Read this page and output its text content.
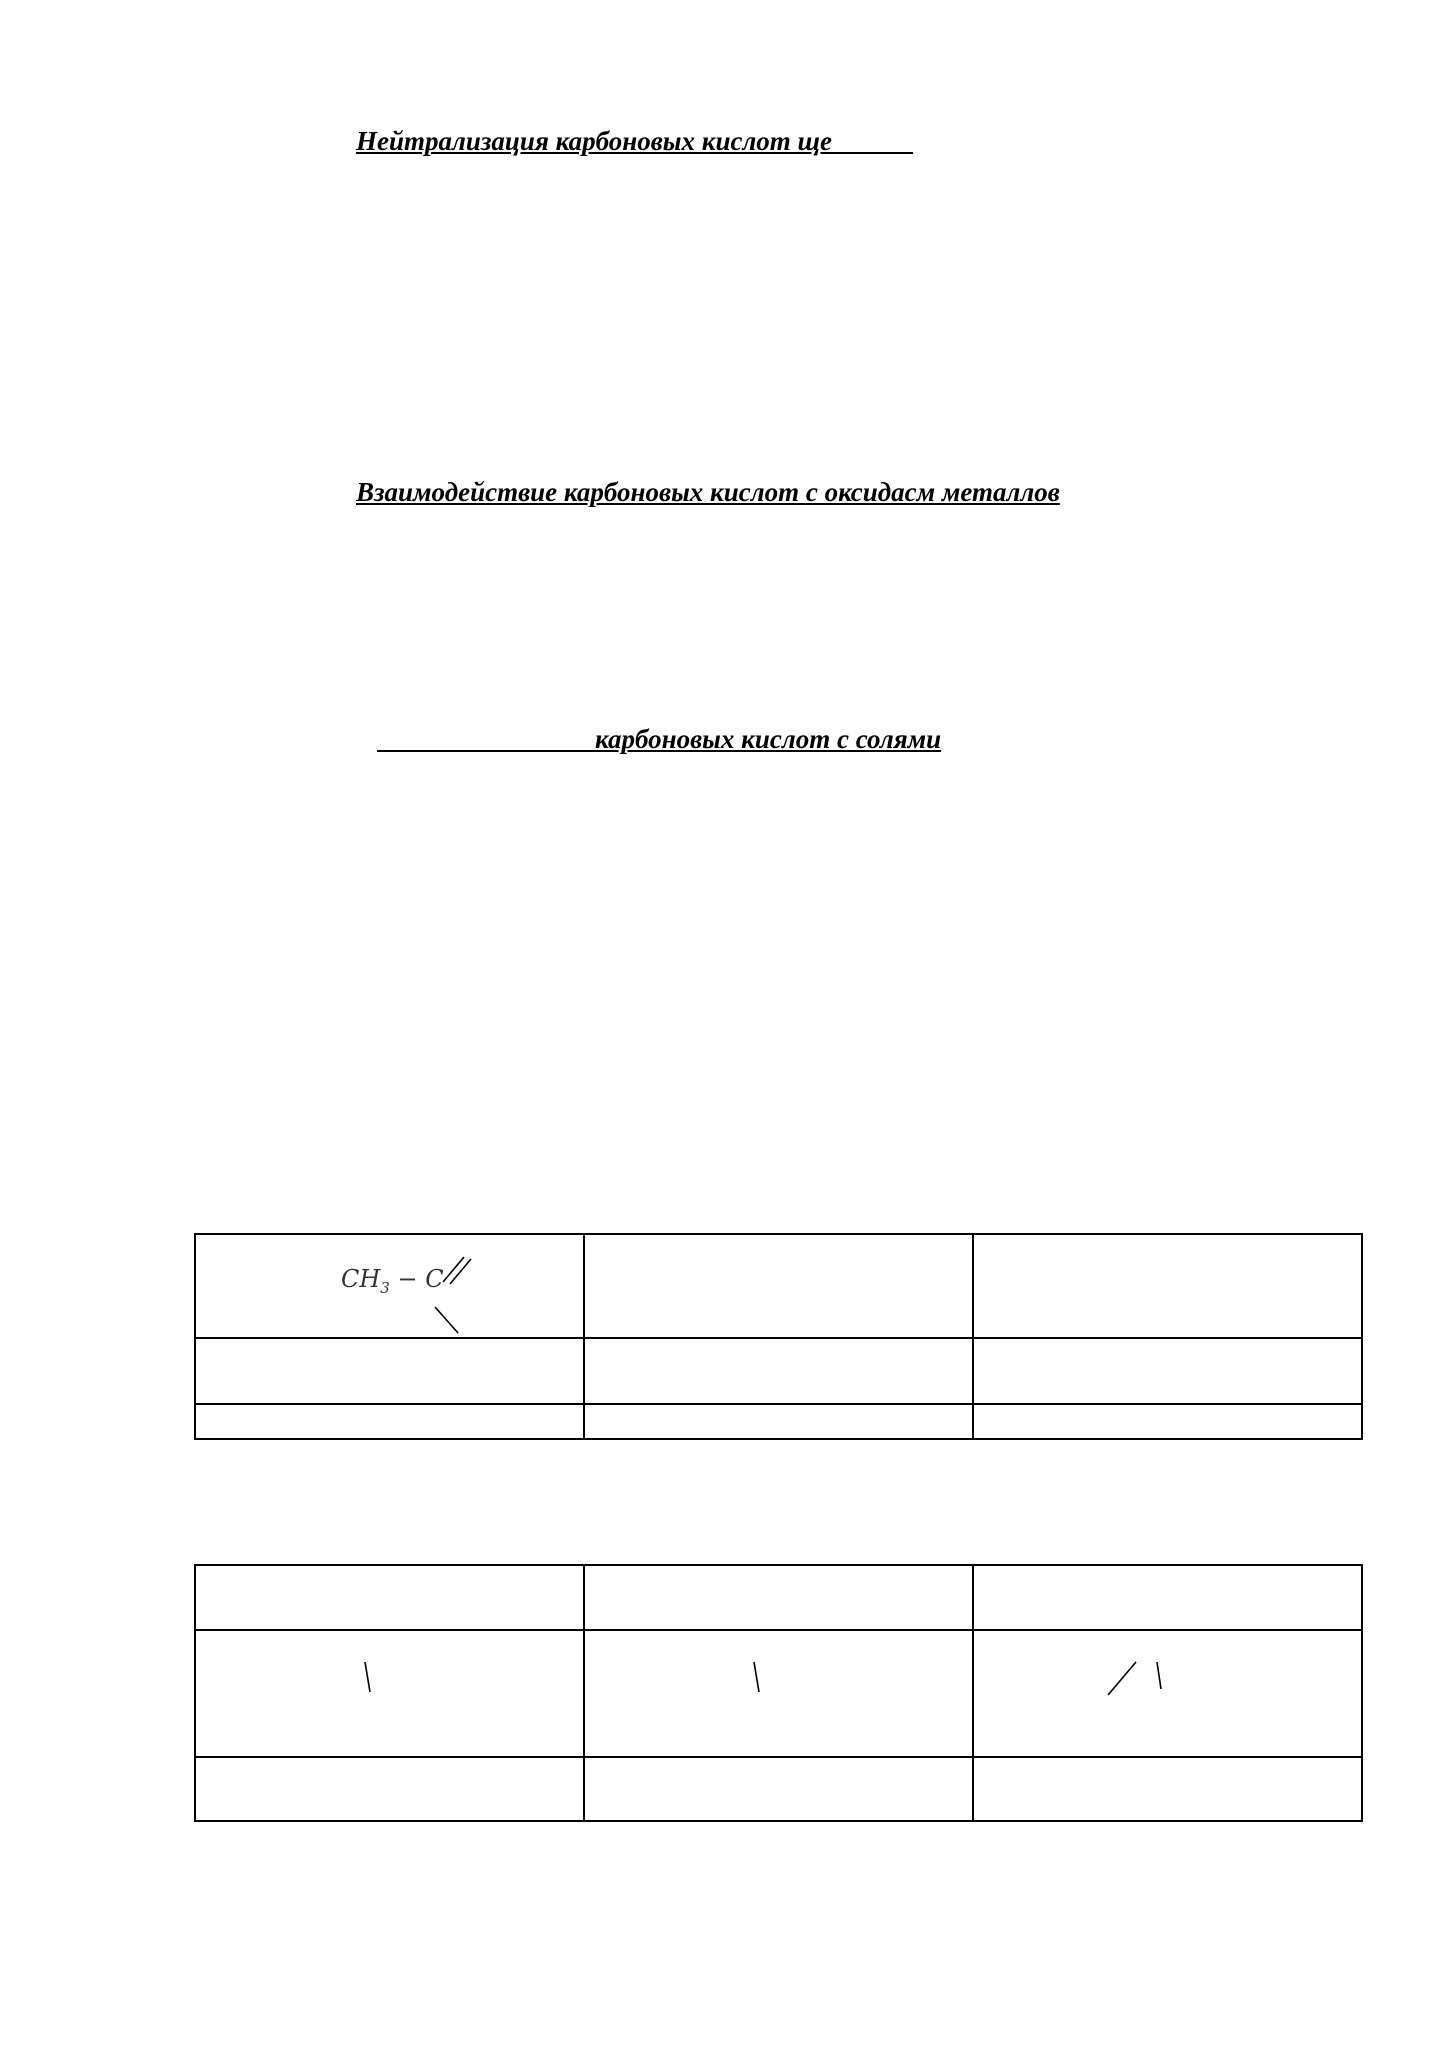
Нейтрализация карбоновых кислот ще______
Взаимодействие карбоновых кислот с оксидасм металлов
________________карбоновых кислот с солями
$CH_3 - C$		
